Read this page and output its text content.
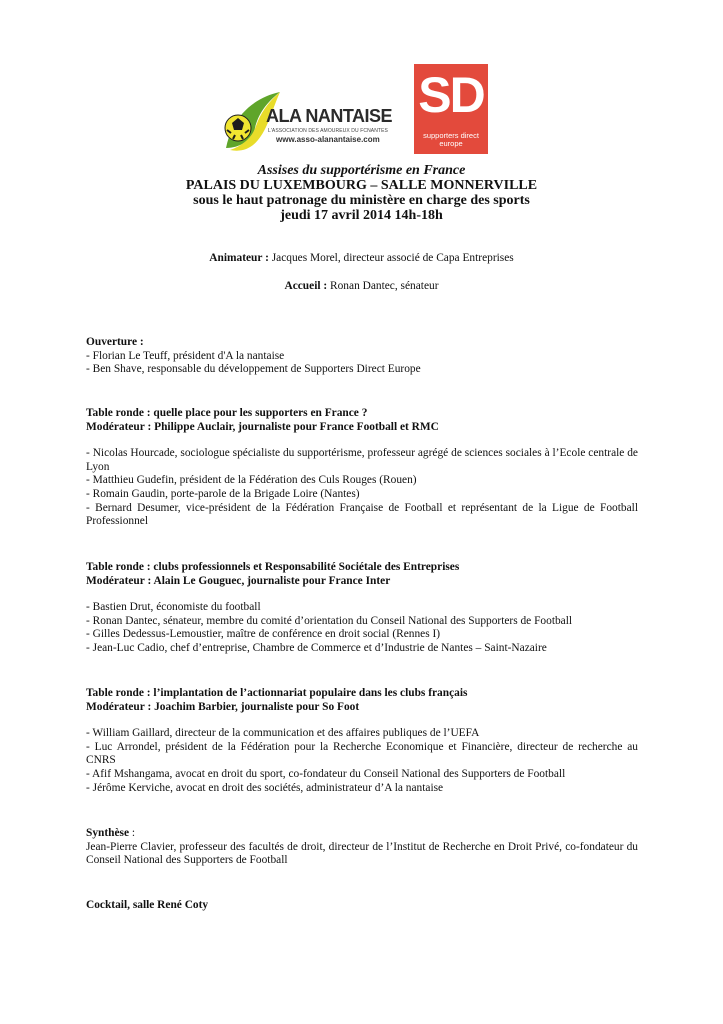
ALA NANTAISE
L'ASSOCIATION DES AMOUREUX DU FCNANTES
www.asso-alanantaise.com
SD
supporters direct
europe
Assises du supportérisme en France
PALAIS DU LUXEMBOURG – SALLE MONNERVILLE
sous le haut patronage du ministère en charge des sports
jeudi 17 avril 2014 14h-18h
Animateur : Jacques Morel, directeur associé de Capa Entreprises
Accueil : Ronan Dantec, sénateur

Ouverture :

- Florian Le Teuff, président d'A la nantaise

- Ben Shave, responsable du développement de Supporters Direct Europe

Table ronde : quelle place pour les supporters en France ?

Modérateur : Philippe Auclair, journaliste pour France Football et RMC

- Nicolas Hourcade, sociologue spécialiste du supportérisme, professeur agrégé de sciences sociales à l’Ecole centrale de Lyon

- Matthieu Gudefin, président de la Fédération des Culs Rouges (Rouen)

- Romain Gaudin, porte-parole de la Brigade Loire (Nantes)

- Bernard Desumer, vice-président de la Fédération Française de Football et représentant de la Ligue de Football Professionnel

Table ronde : clubs professionnels et Responsabilité Sociétale des Entreprises

Modérateur : Alain Le Gouguec, journaliste pour France Inter

- Bastien Drut, économiste du football

- Ronan Dantec, sénateur, membre du comité d’orientation du Conseil National des Supporters de Football

- Gilles Dedessus-Lemoustier, maître de conférence en droit social (Rennes I)

- Jean-Luc Cadio, chef d’entreprise, Chambre de Commerce et d’Industrie de Nantes – Saint-Nazaire

Table ronde : l’implantation de l’actionnariat populaire dans les clubs français

Modérateur : Joachim Barbier, journaliste pour So Foot

- William Gaillard, directeur de la communication et des affaires publiques de l’UEFA

- Luc Arrondel, président de la Fédération pour la Recherche Economique et Financière, directeur de recherche au CNRS

- Afif Mshangama, avocat en droit du sport, co-fondateur du Conseil National des Supporters de Football

- Jérôme Kerviche, avocat en droit des sociétés, administrateur d’A la nantaise

Synthèse :

Jean-Pierre Clavier, professeur des facultés de droit, directeur de l’Institut de Recherche en Droit Privé, co-fondateur du Conseil National des Supporters de Football

Cocktail, salle René Coty
